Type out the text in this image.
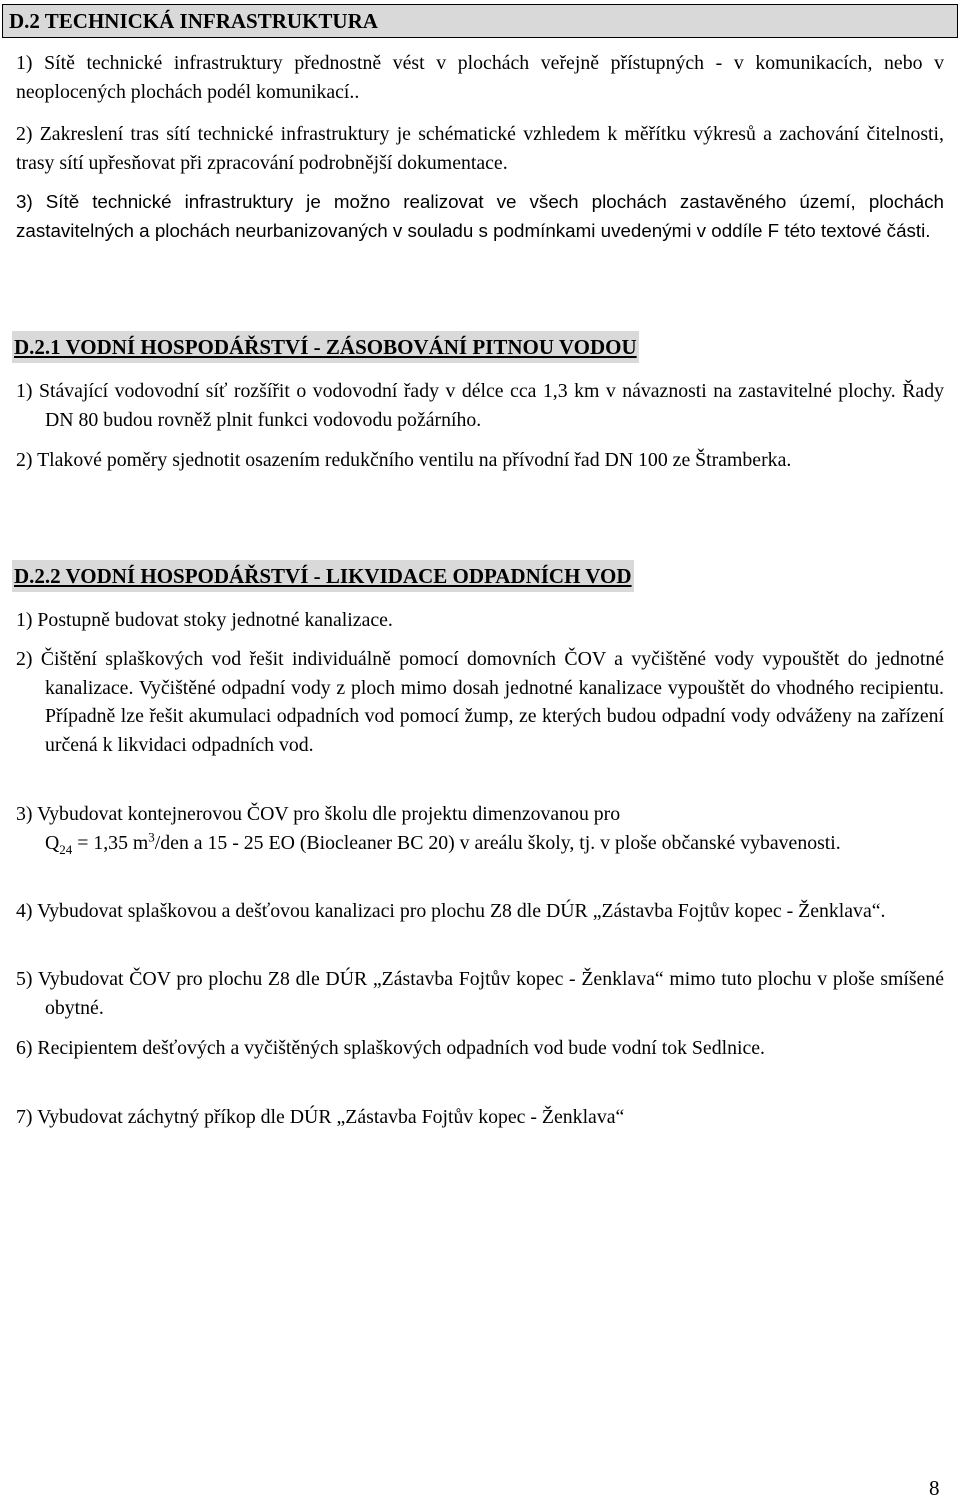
D.2 TECHNICKÁ INFRASTRUKTURA
1) Sítě technické infrastruktury přednostně vést v plochách veřejně přístupných - v komunikacích, nebo v neoplocených plochách podél komunikací..
2) Zakreslení tras sítí technické infrastruktury je schématické vzhledem k měřítku výkresů a zachování čitelnosti, trasy sítí upřesňovat při zpracování podrobnější dokumentace.
3) Sítě technické infrastruktury je možno realizovat ve všech plochách zastavěného území, plochách zastavitelných a plochách neurbanizovaných v souladu s podmínkami uvedenými v oddíle F této textové části.
D.2.1 VODNÍ HOSPODÁŘSTVÍ - ZÁSOBOVÁNÍ PITNOU VODOU
1) Stávající vodovodní síť rozšířit o vodovodní řady v délce cca 1,3 km v návaznosti na zastavitelné plochy. Řady DN 80 budou rovněž plnit funkci vodovodu požárního.
2) Tlakové poměry sjednotit osazením redukčního ventilu na přívodní řad DN 100 ze Štramberka.
D.2.2 VODNÍ HOSPODÁŘSTVÍ - LIKVIDACE ODPADNÍCH VOD
1) Postupně budovat stoky jednotné kanalizace.
2) Čištění splaškových vod řešit individuálně pomocí domovních ČOV a vyčištěné vody vypouštět do jednotné kanalizace. Vyčištěné odpadní vody z ploch mimo dosah jednotné kanalizace vypouštět do vhodného recipientu. Případně lze řešit akumulaci odpadních vod pomocí žump, ze kterých budou odpadní vody odváženy na zařízení určená k likvidaci odpadních vod.
3) Vybudovat kontejnerovou ČOV pro školu dle projektu dimenzovanou pro
$Q_{24} = 1,35$ $m^3$/den a 15 - 25 EO (Biocleaner BC 20) v areálu školy, tj. v ploše občanské vybavenosti.
4) Vybudovat splaškovou a dešťovou kanalizaci pro plochu Z8 dle DÚR „Zástavba Fojtův kopec - Ženklava“.
5) Vybudovat ČOV pro plochu Z8 dle DÚR „Zástavba Fojtův kopec - Ženklava“ mimo tuto plochu v ploše smíšené obytné.
6) Recipientem dešťových a vyčištěných splaškových odpadních vod bude vodní tok Sedlnice.
7) Vybudovat záchytný příkop dle DÚR „Zástavba Fojtův kopec - Ženklava“
8
